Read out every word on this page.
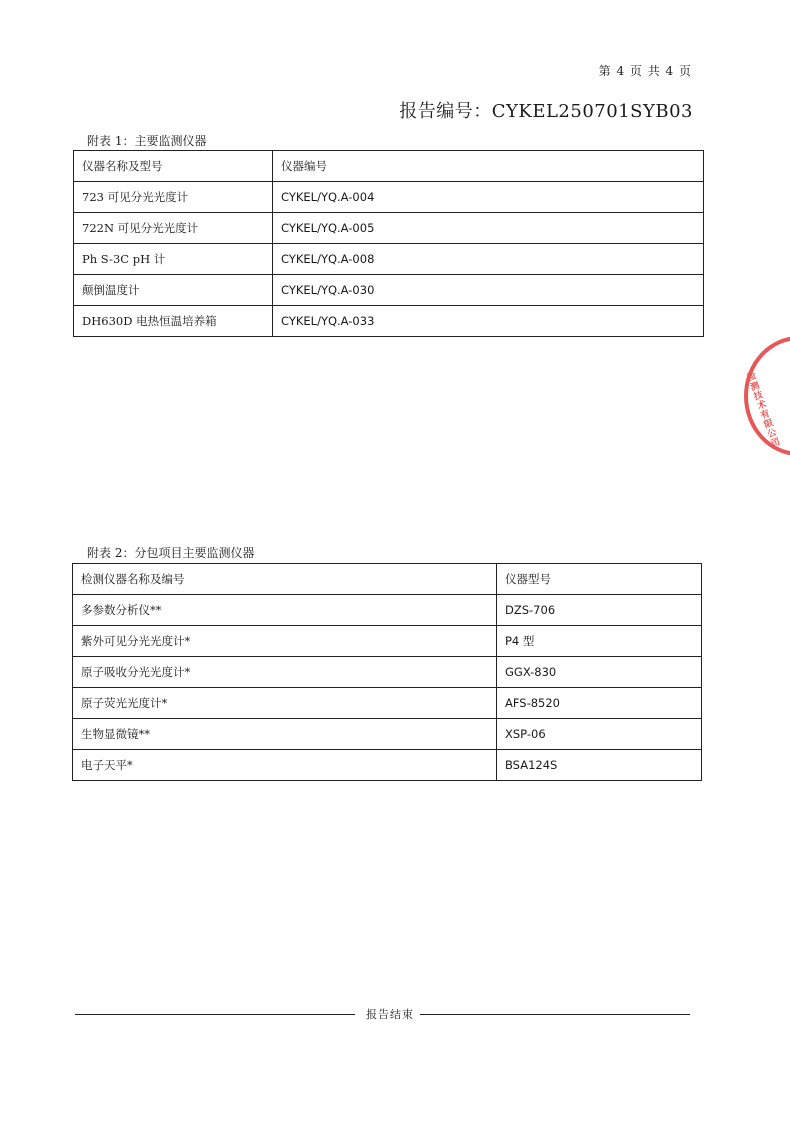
第 4 页 共 4 页
报告编号：CYKEL250701SYB03
附表 1：主要监测仪器
仪器名称及型号	仪器编号
723 可见分光光度计	CYKEL/YQ.A-004
722N 可见分光光度计	CYKEL/YQ.A-005
Ph S-3C pH 计	CYKEL/YQ.A-008
颠倒温度计	CYKEL/YQ.A-030
DH630D 电热恒温培养箱	CYKEL/YQ.A-033
检测技术有限公司
附表 2：分包项目主要监测仪器
检测仪器名称及编号	仪器型号
多参数分析仪**	DZS-706
紫外可见分光光度计*	P4 型
原子吸收分光光度计*	GGX-830
原子荧光光度计*	AFS-8520
生物显微镜**	XSP-06
电子天平*	BSA124S
报告结束
